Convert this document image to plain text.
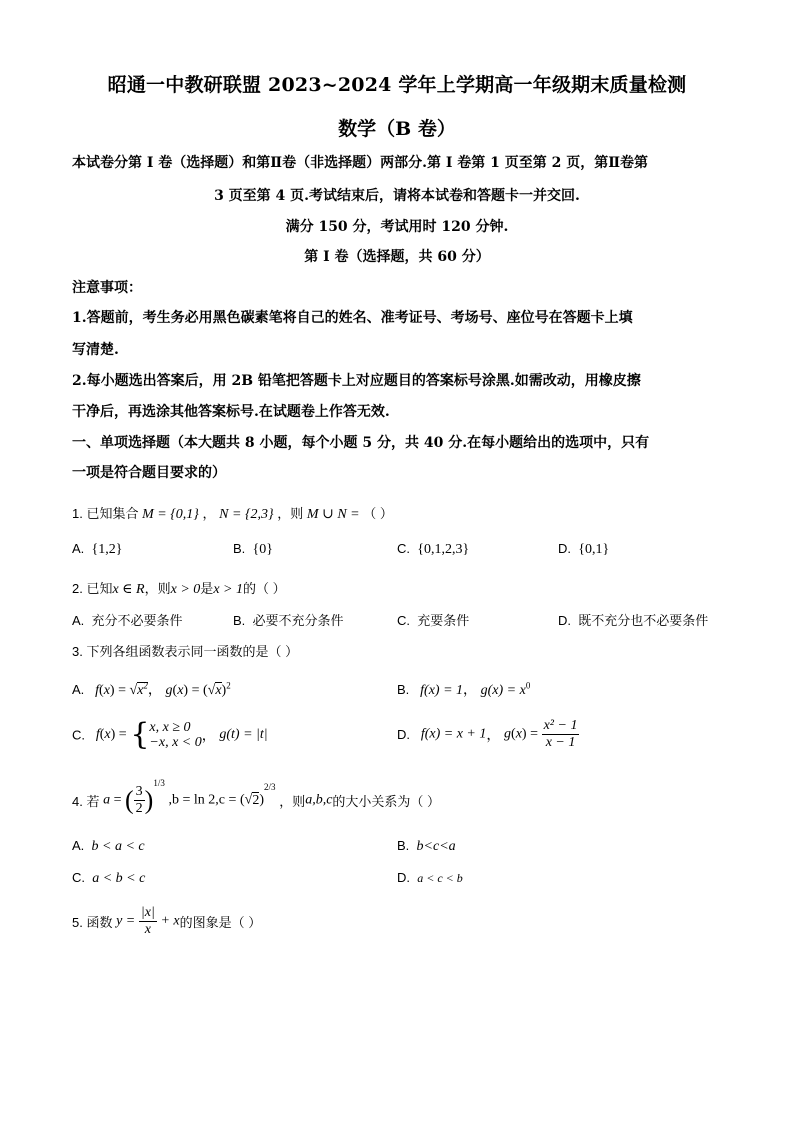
昭通一中教研联盟 2023~2024 学年上学期高一年级期末质量检测
数学（B 卷）
本试卷分第 I 卷（选择题）和第Ⅱ卷（非选择题）两部分.第 I 卷第 1 页至第 2 页，第Ⅱ卷第
3 页至第 4 页.考试结束后，请将本试卷和答题卡一并交回.
满分 150 分，考试用时 120 分钟.
第 I 卷（选择题，共 60 分）
注意事项：
1.答题前，考生务必用黑色碳素笔将自己的姓名、准考证号、考场号、座位号在答题卡上填
写清楚.
2.每小题选出答案后，用 2B 铅笔把答题卡上对应题目的答案标号涂黑.如需改动，用橡皮擦
干净后，再选涂其他答案标号.在试题卷上作答无效.
一、单项选择题（本大题共 8 小题，每个小题 5 分，共 40 分.在每小题给出的选项中，只有
一项是符合题目要求的）
1. 已知集合 M = {0,1} ， N = {2,3} ，则 M ∪ N = （ ）
A. {1,2}	B. {0}	C. {0,1,2,3}	D. {0,1}
2. 已知x ∈ R，则x > 0是x > 1的（ ）
A. 充分不必要条件	B. 必要不充分条件	C. 充要条件	D. 既不充分也不必要条件
3. 下列各组函数表示同一函数的是（ ）
A. $f(x) = √x^2$， $g(x) = (√x)^2$	B. f(x) = 1， $g(x) = x^0$
C. f(x) = { x, x ≥ 0
−x, x < 0 ， g(t) = |t|	D. f(x) = x + 1， $g(x) = \frac{\text{x² − 1}}{x - 1}$
4. 若 a = ( $\frac{3}{2} )^{1/3}$ $,b = \ln 2,c = (√2)^{2/3}$ ，则a,b,c的大小关系为（ ）
A. b < a < c	B. b<c<a
C. a < b < c	D. a < c < b
5. 函数 $y = \frac{|x|}{x} + x$的图象是（ ）
